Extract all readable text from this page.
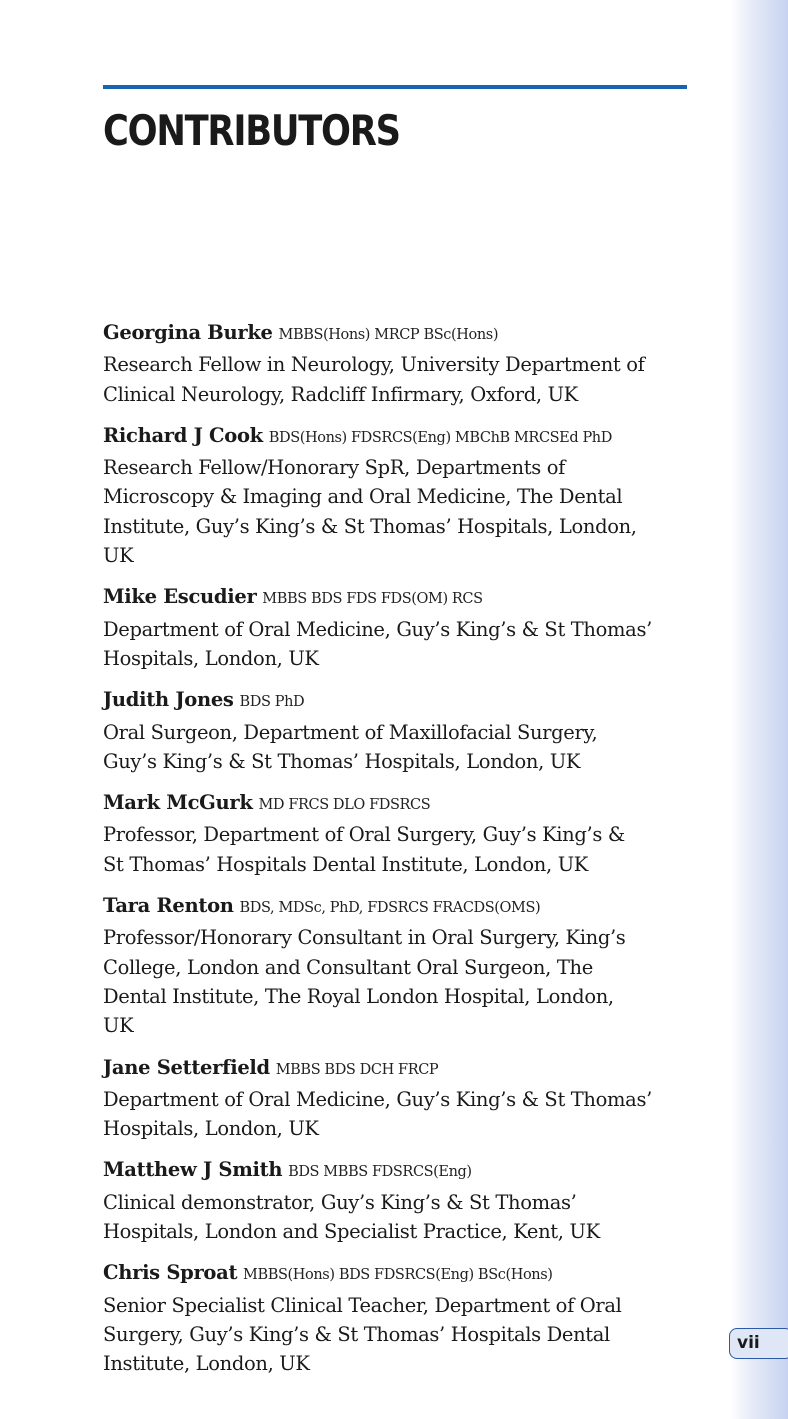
CONTRIBUTORS
Georgina Burke MBBS(Hons) MRCP BSc(Hons)
Research Fellow in Neurology, University Department of
Clinical Neurology, Radcliff Infirmary, Oxford, UK
Richard J Cook BDS(Hons) FDSRCS(Eng) MBChB MRCSEd PhD
Research Fellow/Honorary SpR, Departments of
Microscopy & Imaging and Oral Medicine, The Dental
Institute, Guy’s King’s & St Thomas’ Hospitals, London,
UK
Mike Escudier MBBS BDS FDS FDS(OM) RCS
Department of Oral Medicine, Guy’s King’s & St Thomas’
Hospitals, London, UK
Judith Jones BDS PhD
Oral Surgeon, Department of Maxillofacial Surgery,
Guy’s King’s & St Thomas’ Hospitals, London, UK
Mark McGurk MD FRCS DLO FDSRCS
Professor, Department of Oral Surgery, Guy’s King’s &
St Thomas’ Hospitals Dental Institute, London, UK
Tara Renton BDS, MDSc, PhD, FDSRCS FRACDS(OMS)
Professor/Honorary Consultant in Oral Surgery, King’s
College, London and Consultant Oral Surgeon, The
Dental Institute, The Royal London Hospital, London,
UK
Jane Setterfield MBBS BDS DCH FRCP
Department of Oral Medicine, Guy’s King’s & St Thomas’
Hospitals, London, UK
Matthew J Smith BDS MBBS FDSRCS(Eng)
Clinical demonstrator, Guy’s King’s & St Thomas’
Hospitals, London and Specialist Practice, Kent, UK
Chris Sproat MBBS(Hons) BDS FDSRCS(Eng) BSc(Hons)
Senior Specialist Clinical Teacher, Department of Oral
Surgery, Guy’s King’s & St Thomas’ Hospitals Dental
Institute, London, UK
vii
